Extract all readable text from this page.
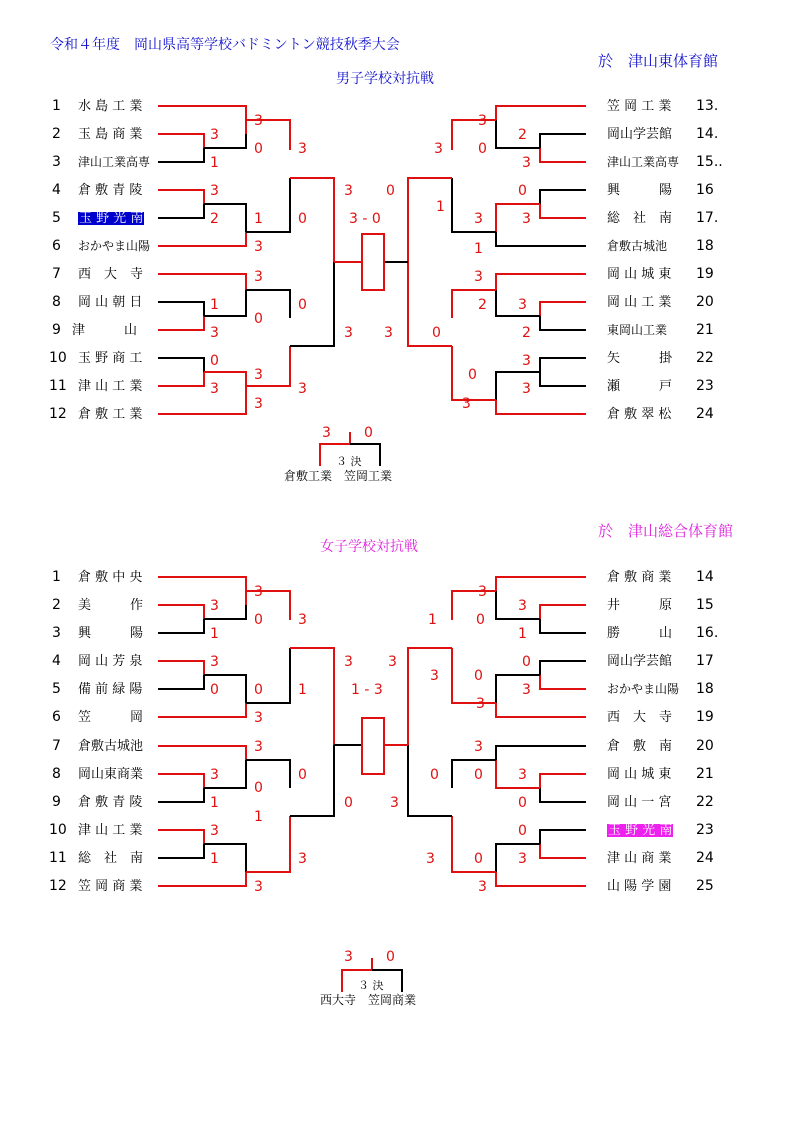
令和４年度　岡山県高等学校バドミントン競技秋季大会
於　津山東体育館
男子学校対抗戦
於　津山総合体育館
女子学校対抗戦
1 水 島 工 業
2 玉 島 商 業
3 津山工業高専
4 倉 敷 青 陵
5 玉 野 光 南
6 おかやま山陽
7 西　大　寺
8 岡 山 朝 日
9 津　　　山
10 玉 野 商 工
11 津 山 工 業
12 倉 敷 工 業
笠 岡 工 業 13.
岡山学芸館 14.
津山工業高専 15..
興　　　陽 16
総　社　南 17.
倉敷古城池 18
岡 山 城 東 19
岡 山 工 業 20
東岡山工業 21
矢　　　掛 22
瀬　　　戸 23
倉 敷 翠 松 24
3
3
0
1
3
3
2	1	0
3
3
3
0
1
3
0
3
3
0
3
3
3
0
1
3
1
3
3
3
2
3
2
0
3
3
0
3	2
0
3
0
3
3
3 - 0
3 0
３ 決
倉敷工業　笠岡工業
1 倉 敷 中 央
2 美　　　作
3 興　　　陽
4 岡 山 芳 泉
5 備 前 緑 陽
6 笠　　　岡
7 倉敷古城池
8 岡山東商業
9 倉 敷 青 陵
10 津 山 工 業
11 総　社　南
12 笠 岡 商 業
倉 敷 商 業 14
井　　　原 15
勝　　　山 16.
岡山学芸館 17
おかやま山陽 18
西　大　寺 19
倉　敷　南 20
岡 山 城 東 21
岡 山 一 宮 22
玉 野 光 南 23
津 山 商 業 24
山 陽 学 園 25
3
3
0
1
3
3
0	0	1
3
3
3
0
1
3
0
3
1	0
0
3
3
1
1
3
3
0
3
3
1
0
3
0
3
3
0
0
3
3
3
0
3
0
3
1 - 3
3 0
３ 決
西大寺　笠岡商業
